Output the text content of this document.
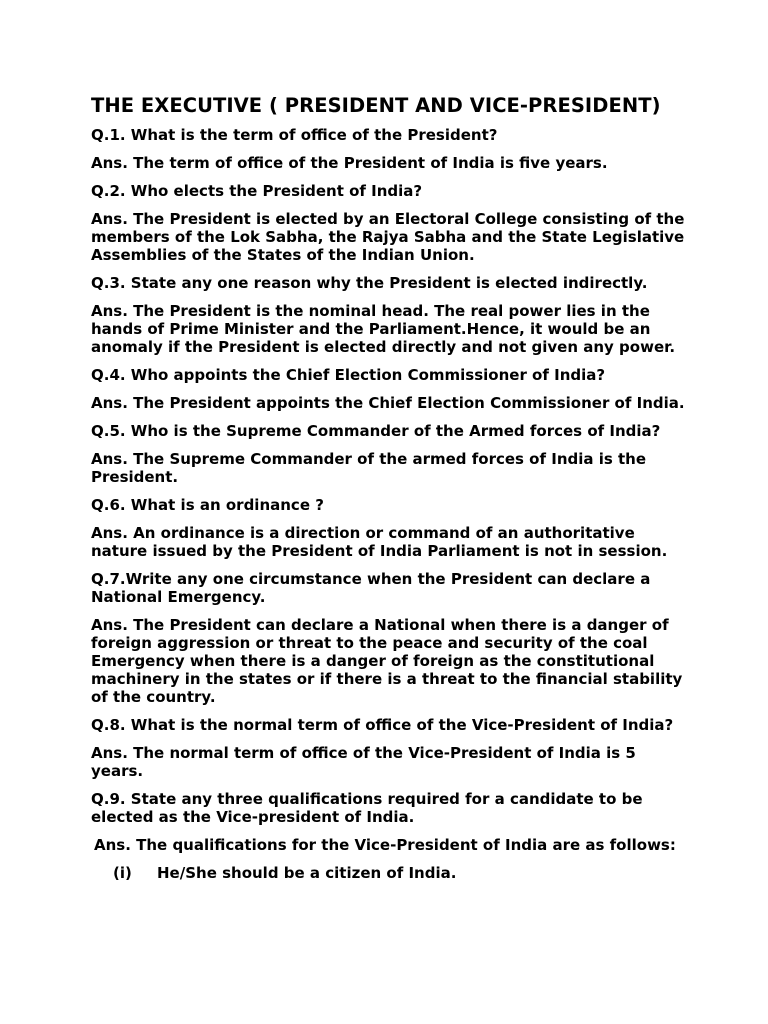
THE EXECUTIVE ( PRESIDENT AND VICE-PRESIDENT)

Q.1. What is the term of office of the President?

Ans. The term of office of the President of India is five years.

Q.2. Who elects the President of India?

Ans. The President is elected by an Electoral College consisting of the members of the Lok Sabha, the Rajya Sabha and the State Legislative Assemblies of the States of the Indian Union.

Q.3. State any one reason why the President is elected indirectly.

Ans. The President is the nominal head. The real power lies in the hands of Prime Minister and the Parliament.Hence, it would be an anomaly if the President is elected directly and not given any power.

Q.4. Who appoints the Chief Election Commissioner of India?

Ans. The President appoints the Chief Election Commissioner of India.

Q.5. Who is the Supreme Commander of the Armed forces of India?

Ans. The Supreme Commander of the armed forces of India is the President.

Q.6. What is an ordinance ?

Ans. An ordinance is a direction or command of an authoritative nature issued by the President of India Parliament is not in session.

Q.7.Write any one circumstance when the President can declare a National Emergency.

Ans. The President can declare a National when there is a danger of foreign aggression or threat to the peace and security of the coal Emergency when there is a danger of foreign as the constitutional machinery in the states or if there is a threat to the financial stability of the country.

Q.8. What is the normal term of office of the Vice-President of India?

Ans. The normal term of office of the Vice-President of India is 5 years.

Q.9. State any three qualifications required for a candidate to be elected as the Vice-president of India.

Ans. The qualifications for the Vice-President of India are as follows:

(i)	He/She should be a citizen of India.
